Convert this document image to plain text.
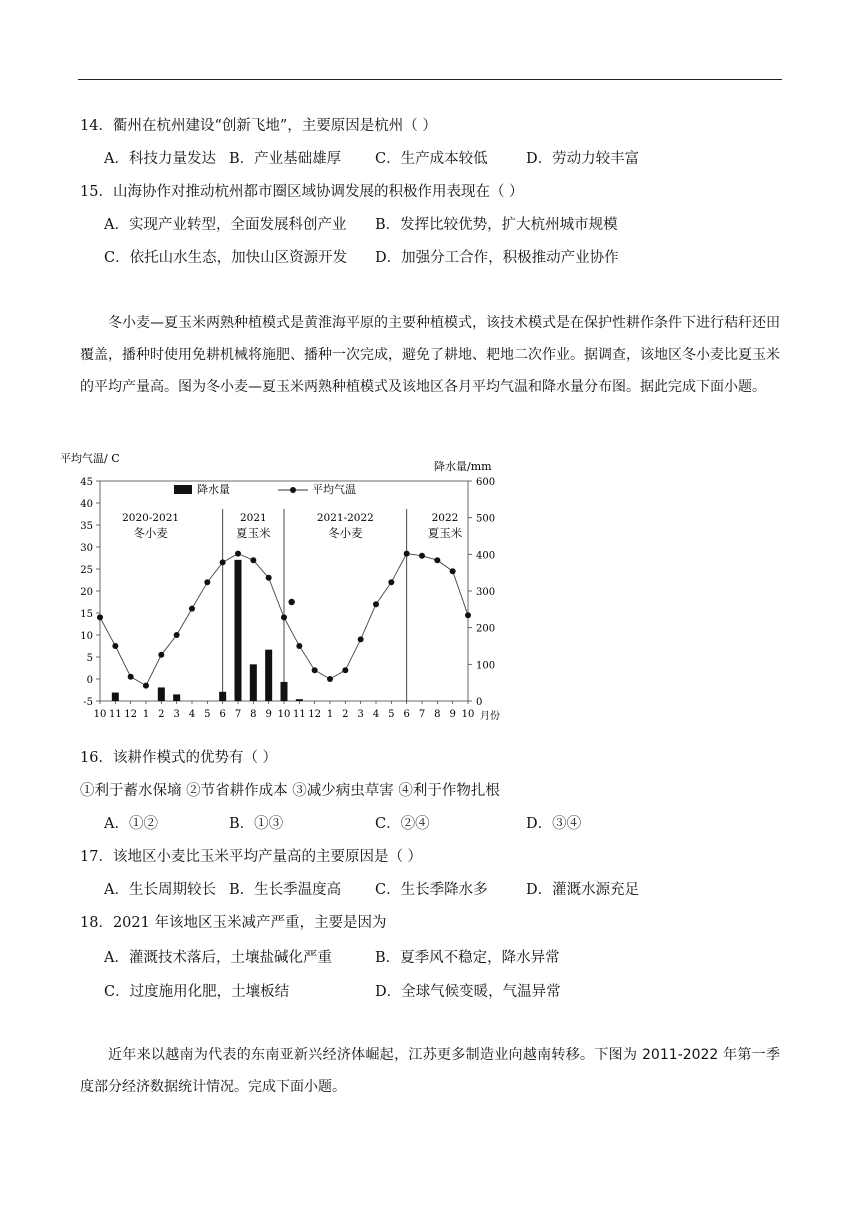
14．衢州在杭州建设“创新飞地”，主要原因是杭州（ ）
A．科技力量发达 B．产业基础雄厚 C．生产成本较低	D．劳动力较丰富
15．山海协作对推动杭州都市圈区域协调发展的积极作用表现在（ ）
A．实现产业转型，全面发展科创产业 B．发挥比较优势，扩大杭州城市规模
C．依托山水生态，加快山区资源开发 D．加强分工合作，积极推动产业协作

冬小麦—夏玉米两熟种植模式是黄淮海平原的主要种植模式，该技术模式是在保护性耕作条件下进行秸秆还田覆盖，播种时使用免耕机械将施肥、播种一次完成，避免了耕地、耙地二次作业。据调查，该地区冬小麦比夏玉米的平均产量高。图为冬小麦—夏玉米两熟种植模式及该地区各月平均气温和降水量分布图。据此完成下面小题。

平均气温/ C
降水量/mm
45
40
35
30
25
20
15
10
5
0
-5
600
500
400
300
200
100
0
10 11 12 1 2 3 4 5 6 7 8 9 10 11 12 1 2 3 4 5 6 7 8 9 10 月份
2020-2021
冬小麦
2021
夏玉米
2021-2022
冬小麦
2022
夏玉米
降水量	平均气温
16．该耕作模式的优势有（ ）
①利于蓄水保墒 ②节省耕作成本 ③减少病虫草害 ④利于作物扎根
A．①②	B．①③	C．②④	D．③④
17．该地区小麦比玉米平均产量高的主要原因是（ ）
A．生长周期较长 B．生长季温度高 C．生长季降水多	D．灌溉水源充足
18．2021 年该地区玉米减产严重，主要是因为
A．灌溉技术落后，土壤盐碱化严重	B．夏季风不稳定，降水异常
C．过度施用化肥，土壤板结	D．全球气候变暖，气温异常

近年来以越南为代表的东南亚新兴经济体崛起，江苏更多制造业向越南转移。下图为 2011-2022 年第一季度部分经济数据统计情况。完成下面小题。
